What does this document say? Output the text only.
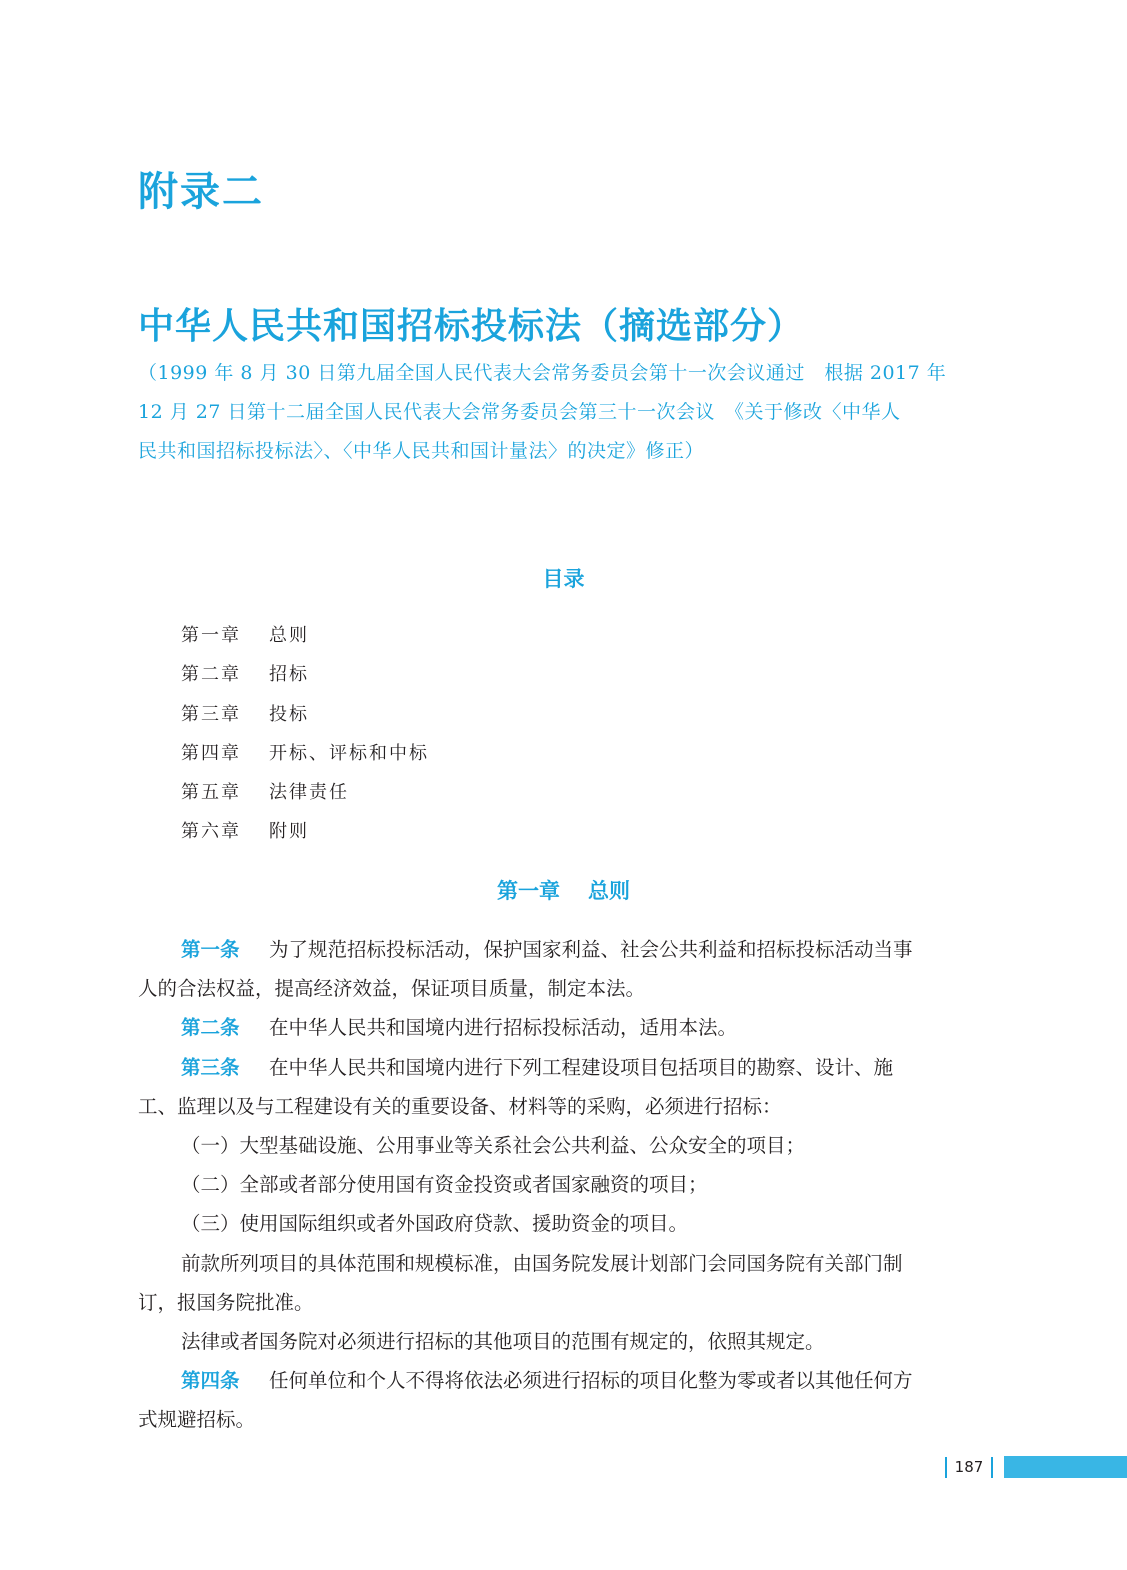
附录二
中华人民共和国招标投标法（摘选部分）
（1999 年 8 月 30 日第九届全国人民代表大会常务委员会第十一次会议通过　根据 2017 年
12 月 27 日第十二届全国人民代表大会常务委员会第三十一次会议　《关于修改〈中华人
民共和国招标投标法〉、〈中华人民共和国计量法〉的决定》修正）
目录
第一章 总则
第二章 招标
第三章 投标
第四章 开标、评标和中标
第五章 法律责任
第六章 附则
第一章 总则
第一条 为了规范招标投标活动，保护国家利益、社会公共利益和招标投标活动当事
人的合法权益，提高经济效益，保证项目质量，制定本法。
第二条 在中华人民共和国境内进行招标投标活动，适用本法。
第三条 在中华人民共和国境内进行下列工程建设项目包括项目的勘察、设计、施
工、监理以及与工程建设有关的重要设备、材料等的采购，必须进行招标：
（一）大型基础设施、公用事业等关系社会公共利益、公众安全的项目；
（二）全部或者部分使用国有资金投资或者国家融资的项目；
（三）使用国际组织或者外国政府贷款、援助资金的项目。
前款所列项目的具体范围和规模标准，由国务院发展计划部门会同国务院有关部门制
订，报国务院批准。
法律或者国务院对必须进行招标的其他项目的范围有规定的，依照其规定。
第四条 任何单位和个人不得将依法必须进行招标的项目化整为零或者以其他任何方
式规避招标。
187
